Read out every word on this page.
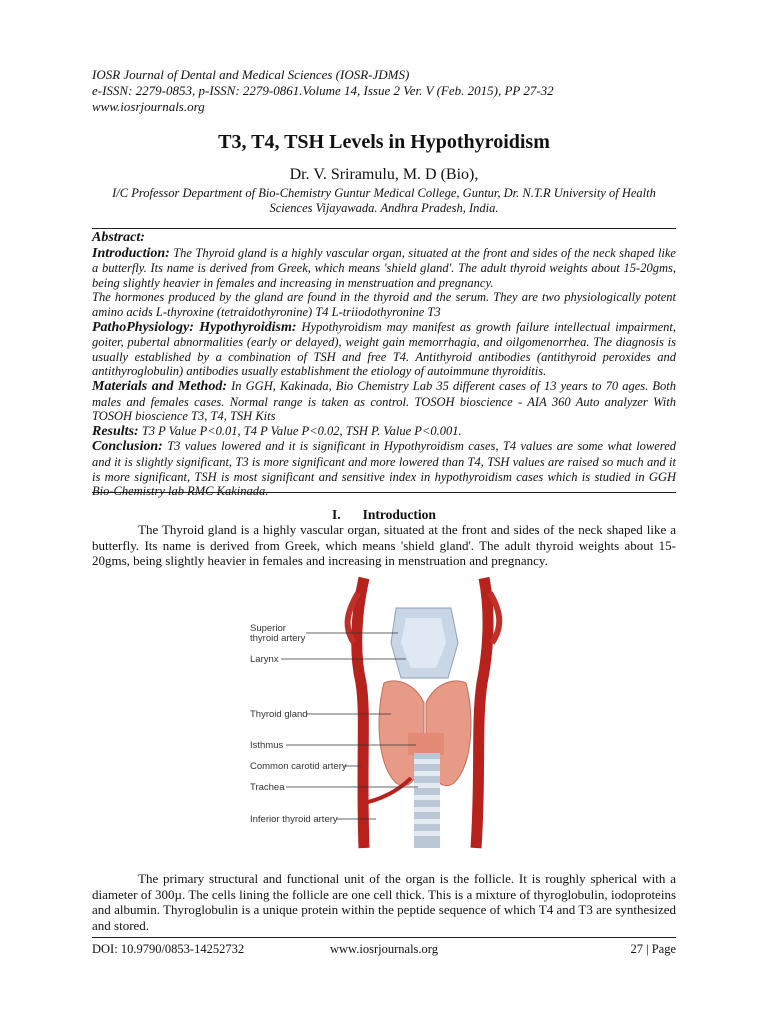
IOSR Journal of Dental and Medical Sciences (IOSR-JDMS)
e-ISSN: 2279-0853, p-ISSN: 2279-0861.Volume 14, Issue 2 Ver. V (Feb. 2015), PP 27-32
www.iosrjournals.org
T3, T4, TSH Levels in Hypothyroidism
Dr. V. Sriramulu, M. D (Bio),
I/C Professor Department of Bio-Chemistry Guntur Medical College, Guntur, Dr. N.T.R University of Health Sciences Vijayawada. Andhra Pradesh, India.

Abstract:

Introduction: The Thyroid gland is a highly vascular organ, situated at the front and sides of the neck shaped like a butterfly. Its name is derived from Greek, which means 'shield gland'. The adult thyroid weights about 15-20gms, being slightly heavier in females and increasing in menstruation and pregnancy.

The hormones produced by the gland are found in the thyroid and the serum. They are two physiologically potent amino acids L-thyroxine (tetraidothyronine) T4 L-triiodothyronine T3

PathoPhysiology: Hypothyroidism: Hypothyroidism may manifest as growth failure intellectual impairment, goiter, pubertal abnormalities (early or delayed), weight gain memorrhagia, and oilgomenorrhea. The diagnosis is usually established by a combination of TSH and free T4. Antithyroid antibodies (antithyroid peroxides and antithyroglobulin) antibodies usually establishment the etiology of autoimmune thyroiditis.

Materials and Method: In GGH, Kakinada, Bio Chemistry Lab 35 different cases of 13 years to 70 ages. Both males and females cases. Normal range is taken as control. TOSOH bioscience - AIA 360 Auto analyzer With TOSOH bioscience T3, T4, TSH Kits

Results: T3 P Value P<0.01, T4 P Value P<0.02, TSH P. Value P<0.001.

Conclusion: T3 values lowered and it is significant in Hypothyroidism cases, T4 values are some what lowered and it is slightly significant, T3 is more significant and more lowered than T4, TSH values are raised so much and it is more significant, TSH is most significant and sensitive index in hypothyroidism cases which is studied in GGH Bio-Chemistry lab RMC Kakinada.

I. Introduction

The Thyroid gland is a highly vascular organ, situated at the front and sides of the neck shaped like a butterfly. Its name is derived from Greek, which means 'shield gland'. The adult thyroid weights about 15-20gms, being slightly heavier in females and increasing in menstruation and pregnancy.

Superior
thyroid artery
Larynx
Thyroid gland
Isthmus
Common carotid artery
Trachea
Inferior thyroid artery

The primary structural and functional unit of the organ is the follicle. It is roughly spherical with a diameter of 300µ. The cells lining the follicle are one cell thick. This is a mixture of thyroglobulin, iodoproteins and albumin. Thyroglobulin is a unique protein within the peptide sequence of which T4 and T3 are synthesized and stored.

DOI: 10.9790/0853-14252732	www.iosrjournals.org	27 | Page
